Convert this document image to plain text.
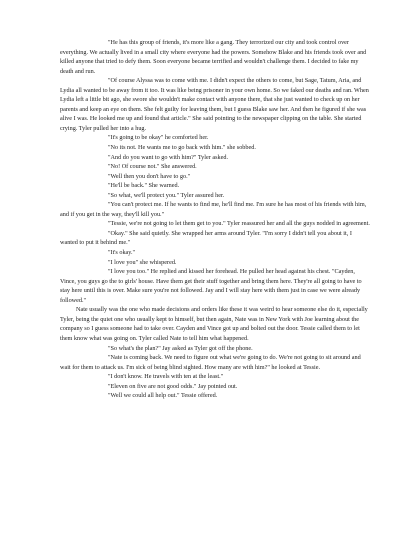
"He has this group of friends, it's more like a gang. They terrorized our city and took control over everything. We actually lived in a small city where everyone had the powers. Somehow Blake and his friends took over and killed anyone that tried to defy them. Soon everyone became terrified and wouldn't challenge them. I decided to fake my death and run.

"Of course Alyssa was to come with me. I didn't expect the others to come, but Sage, Tatum, Aria, and Lydia all wanted to be away from it too. It was like being prisoner in your own home. So we faked our deaths and ran. When Lydia left a little bit ago, she swore she wouldn't make contact with anyone there, that she just wanted to check up on her parents and keep an eye on them. She felt guilty for leaving them, but I guess Blake saw her. And then he figured if she was alive I was. He looked me up and found that article." She said pointing to the newspaper clipping on the table. She started crying. Tyler pulled her into a hug.

"It's going to be okay" he comforted her.

"No its not. He wants me to go back with him." she sobbed.

"And do you want to go with him?" Tyler asked.

"No! Of course not." She answered.

"Well then you don't have to go."

"He'll be back." She warned.

"So what, we'll protect you." Tyler assured her.

"You can't protect me. If he wants to find me, he'll find me. I'm sure he has most of his friends with him, and if you get in the way, they'll kill you."

"Tessie, we're not going to let them get to you." Tyler reassured her and all the guys nodded in agreement.

"Okay." She said quietly. She wrapped her arms around Tyler. "I'm sorry I didn't tell you about it, I wanted to put it behind me."

"It's okay."

"I love you" she whispered.

"I love you too." He replied and kissed her forehead. He pulled her head against his chest. "Cayden, Vince, you guys go the to girls' house. Have them get their stuff together and bring them here. They're all going to have to stay here until this is over. Make sure you're not followed. Jay and I will stay here with them just in case we were already followed."

Nate usually was the one who made decisions and orders like these it was weird to hear someone else do it, especially Tyler, being the quiet one who usually kept to himself, but then again, Nate was in New York with Joe learning about the company so I guess someone had to take over. Cayden and Vince got up and bolted out the door. Tessie called them to let them know what was going on. Tyler called Nate to tell him what happened.

"So what's the plan?" Jay asked as Tyler got off the phone.

"Nate is coming back. We need to figure out what we're going to do. We're not going to sit around and wait for them to attack us. I'm sick of being blind sighted. How many are with him?" he looked at Tessie.

"I don't know. He travels with ten at the least."

"Eleven on five are not good odds." Jay pointed out.

"Well we could all help out." Tessie offered.
